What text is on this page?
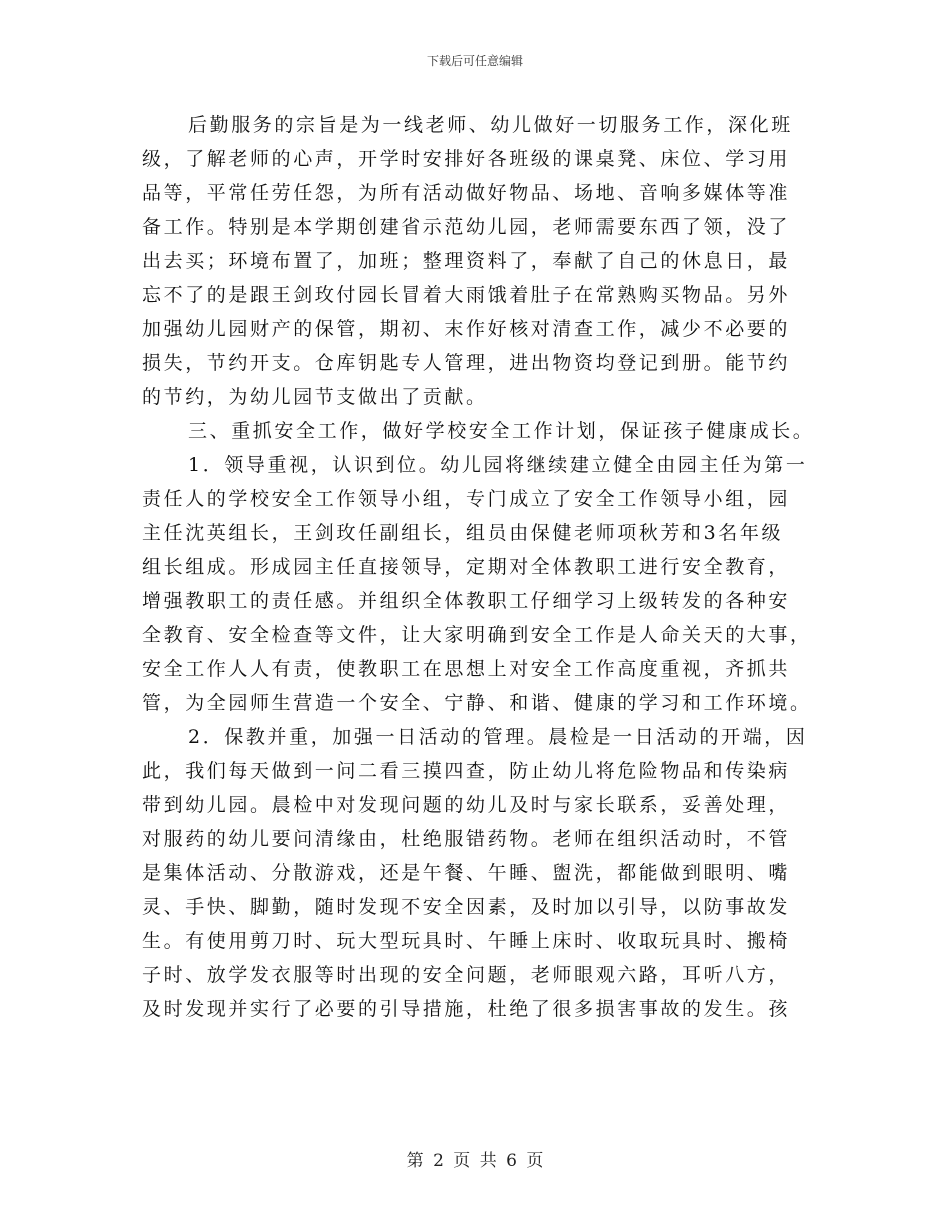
下载后可任意编辑
后勤服务的宗旨是为一线老师、幼儿做好一切服务工作，深化班
级，了解老师的心声，开学时安排好各班级的课桌凳、床位、学习用
品等，平常任劳任怨，为所有活动做好物品、场地、音响多媒体等准
备工作。特别是本学期创建省示范幼儿园，老师需要东西了领，没了
出去买；环境布置了，加班；整理资料了，奉献了自己的休息日，最
忘不了的是跟王剑玫付园长冒着大雨饿着肚子在常熟购买物品。另外
加强幼儿园财产的保管，期初、末作好核对清查工作，减少不必要的
损失，节约开支。仓库钥匙专人管理，进出物资均登记到册。能节约
的节约，为幼儿园节支做出了贡献。
三、重抓安全工作，做好学校安全工作计划，保证孩子健康成长。
1．领导重视，认识到位。幼儿园将继续建立健全由园主任为第一
责任人的学校安全工作领导小组，专门成立了安全工作领导小组，园
主任沈英组长，王剑玫任副组长，组员由保健老师项秋芳和3名年级
组长组成。形成园主任直接领导，定期对全体教职工进行安全教育，
增强教职工的责任感。并组织全体教职工仔细学习上级转发的各种安
全教育、安全检查等文件，让大家明确到安全工作是人命关天的大事，
安全工作人人有责，使教职工在思想上对安全工作高度重视，齐抓共
管，为全园师生营造一个安全、宁静、和谐、健康的学习和工作环境。
2．保教并重，加强一日活动的管理。晨检是一日活动的开端，因
此，我们每天做到一问二看三摸四查，防止幼儿将危险物品和传染病
带到幼儿园。晨检中对发现问题的幼儿及时与家长联系，妥善处理，
对服药的幼儿要问清缘由，杜绝服错药物。老师在组织活动时，不管
是集体活动、分散游戏，还是午餐、午睡、盥洗，都能做到眼明、嘴
灵、手快、脚勤，随时发现不安全因素，及时加以引导，以防事故发
生。有使用剪刀时、玩大型玩具时、午睡上床时、收取玩具时、搬椅
子时、放学发衣服等时出现的安全问题，老师眼观六路，耳听八方，
及时发现并实行了必要的引导措施，杜绝了很多损害事故的发生。孩
第 2 页 共 6 页
